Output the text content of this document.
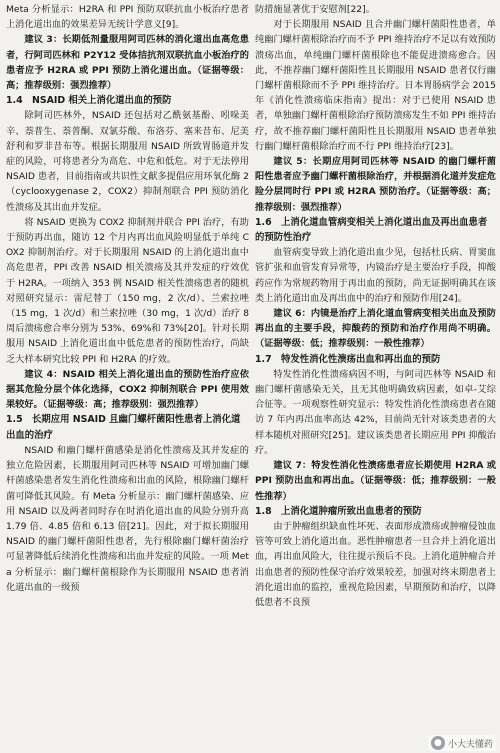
Meta 分析显示：H2RA 和 PPI 预防双联抗血小板治疗患者上消化道出血的效果差异无统计学意义[9]。

建议 3：长期低剂量服用阿司匹林的消化道出血高危患者，行阿司匹林和 P2Y12 受体拮抗剂双联抗血小板治疗的患者应予 H2RA 或 PPI 预防上消化道出血。（证据等级：高；推荐级别：强烈推荐）

1.4　NSAID 相关上消化道出血的预防

除阿司匹林外，NSAID 还包括对乙酰氨基酚、吲哚美辛、萘普生、萘普酮、双氯芬酸、布洛芬、塞来昔布、尼美舒利和罗非昔布等。根据长期服用 NSAID 所致胃肠道并发症的风险，可将患者分为高危、中危和低危。对于无法停用 NSAID 患者，目前指南或共识性文献多提倡应用环氧化酶 2（cyclooxygenase 2，COX2）抑制剂联合 PPI 预防消化性溃疡及其出血并发症。

将 NSAID 更换为 COX2 抑制剂并联合 PPI 治疗，有助于预防再出血，随访 12 个月内再出血风险明显低于单纯 COX2 抑制剂治疗。对于长期服用 NSAID 的上消化道出血中高危患者，PPI 改善 NSAID 相关溃疡及其并发症的疗效优于 H2RA。一项纳入 353 例 NSAID 相关性溃疡患者的随机对照研究显示：雷尼替丁（150 mg，2 次/d）、兰索拉唑（15 mg，1 次/d）和兰索拉唑（30 mg，1 次/d）治疗 8 周后溃疡愈合率分别为 53%、69%和 73%[20]。针对长期服用 NSAID 上消化道出血中低危患者的预防性治疗，尚缺乏大样本研究比较 PPI 和 H2RA 的疗效。

建议 4：NSAID 相关上消化道出血的预防性治疗应依据其危险分层个体化选择，COX2 抑制剂联合 PPI 使用效果较好。（证据等级：高；推荐级别：强烈推荐）

1.5　长期应用 NSAID 且幽门螺杆菌阳性患者上消化道出血的治疗

NSAID 和幽门螺杆菌感染是消化性溃疡及其并发症的独立危险因素，长期服用阿司匹林等 NSAID 可增加幽门螺杆菌感染患者发生消化性溃疡和出血的风险，根除幽门螺杆菌可降低其风险。有 Meta 分析显示：幽门螺杆菌感染、应用 NSAID 以及两者同时存在时消化道出血的风险分别升高 1.79 倍、4.85 倍和 6.13 倍[21]。因此，对于拟长期服用 NSAID 的幽门螺杆菌阳性患者，先行根除幽门螺杆菌治疗可显著降低后续消化性溃疡和出血并发症的风险。一项 Meta 分析显示：幽门螺杆菌根除作为长期服用 NSAID 患者消化道出血的一级预

防措施显著优于安慰剂[22]。

对于长期服用 NSAID 且合并幽门螺杆菌阳性患者，单纯幽门螺杆菌根除治疗而不予 PPI 维持治疗不足以有效预防溃疡出血，单纯幽门螺杆菌根除也不能促进溃疡愈合。因此，不推荐幽门螺杆菌阳性且长期服用 NSAID 患者仅行幽门螺杆菌根除而不予 PPI 维持治疗。日本胃肠病学会 2015 年《消化性溃疡临床指南》提出：对于已使用 NSAID 患者，单独幽门螺杆菌根除治疗预防溃疡发生不如 PPI 维持治疗，故不推荐幽门螺杆菌阳性且长期服用 NSAID 患者单独行幽门螺杆菌根除治疗而不行 PPI 维持治疗[23]。

建议 5：长期应用阿司匹林等 NSAID 的幽门螺杆菌阳性患者应予幽门螺杆菌根除治疗，并根据消化道并发症危险分层同时行 PPI 或 H2RA 预防治疗。（证据等级：高；推荐级别：强烈推荐）

1.6　上消化道血管病变相关上消化道出血及再出血患者的预防性治疗

血管病变导致上消化道出血少见，包括杜氏病、胃窦血管扩张和血管发育异常等，内镜治疗是主要治疗手段，抑酸药应作为常规药物用于再出血的预防，尚无证据明确其在该类上消化道出血及再出血中的治疗和预防作用[24]。

建议 6：内镜是治疗上消化道血管病变相关出血及预防再出血的主要手段，抑酸药的预防和治疗作用尚不明确。（证据等级：低；推荐级别：一般性推荐）

1.7　特发性消化性溃疡出血和再出血的预防

特发性消化性溃疡病因不明，与阿司匹林等 NSAID 和幽门螺杆菌感染无关，且无其他明确致病因素，如卓-艾综合征等。一项观察性研究显示：特发性消化性溃疡患者在随访 7 年内再出血率高达 42%，目前尚无针对该类患者的大样本随机对照研究[25]。建议该类患者长期应用 PPI 抑酸治疗。

建议 7：特发性消化性溃疡患者应长期使用 H2RA 或 PPI 预防出血和再出血。（证据等级：低；推荐级别：一般性推荐）

1.8　上消化道肿瘤所致出血患者的预防

由于肿瘤组织缺血性坏死、表面形成溃疡或肿瘤侵蚀血管等可致上消化道出血。恶性肿瘤患者一旦合并上消化道出血，再出血风险大，往往提示预后不良。上消化道肿瘤合并出血患者的预防性保守治疗效果较差，加强对终末期患者上消化道出血的监控，重视危险因素，早期预防和治疗，以降低患者不良预

● 小大夫懂药
